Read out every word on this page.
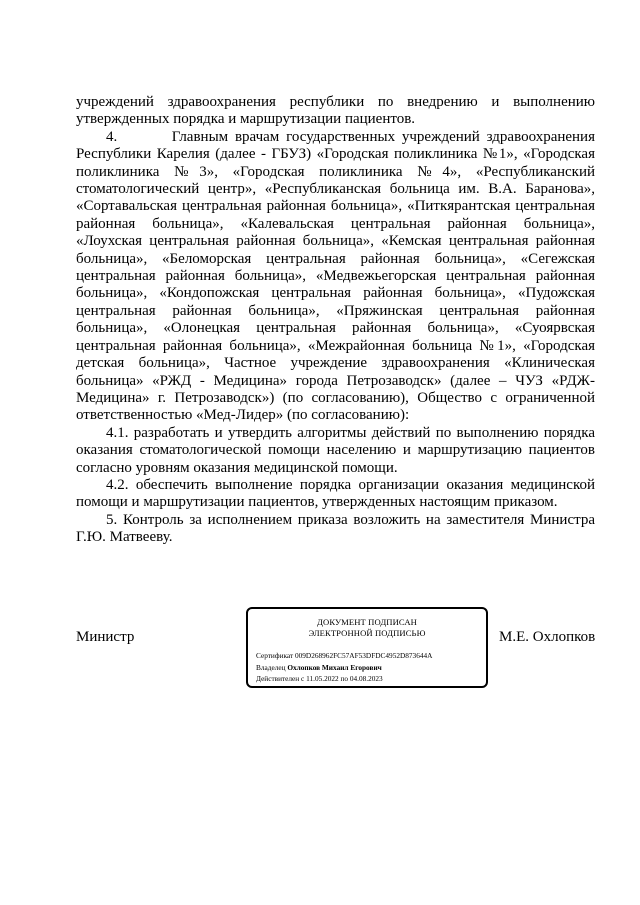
учреждений здравоохранения республики по внедрению и выполнению утвержденных порядка и маршрутизации пациентов.

4.        Главным врачам государственных учреждений здравоохранения Республики Карелия (далее - ГБУЗ) «Городская поликлиника №1», «Городская поликлиника №3», «Городская поликлиника №4», «Республиканский стоматологический центр», «Республиканская больница им. В.А. Баранова», «Сортавальская центральная районная больница», «Питкярантская центральная районная больница», «Калевальская центральная районная больница», «Лоухская центральная районная больница», «Кемская центральная районная больница», «Беломорская центральная районная больница», «Сегежская центральная районная больница», «Медвежьегорская центральная районная больница», «Кондопожская центральная районная больница», «Пудожская центральная районная больница», «Пряжинская центральная районная больница», «Олонецкая центральная районная больница», «Суоярвская центральная районная больница», «Межрайонная больница №1», «Городская детская больница», Частное учреждение здравоохранения «Клиническая больница» «РЖД - Медицина» города Петрозаводск» (далее – ЧУЗ «РДЖ-Медицина» г. Петрозаводск») (по согласованию), Общество с ограниченной ответственностью «Мед-Лидер» (по согласованию):

4.1. разработать и утвердить алгоритмы действий по выполнению порядка оказания стоматологической помощи населению и маршрутизацию пациентов согласно уровням оказания медицинской помощи.

4.2. обеспечить выполнение порядка организации оказания медицинской помощи и маршрутизации пациентов, утвержденных настоящим приказом.

5. Контроль за исполнением приказа возложить на заместителя Министра Г.Ю. Матвееву.

Министр
ДОКУМЕНТ ПОДПИСАН
ЭЛЕКТРОННОЙ ПОДПИСЬЮ
Сертификат 009D268962FC57AF53DFDC4952D873644A
Владелец Охлопков Михаил Егорович
Действителен с 11.05.2022 по 04.08.2023
М.Е. Охлопков
